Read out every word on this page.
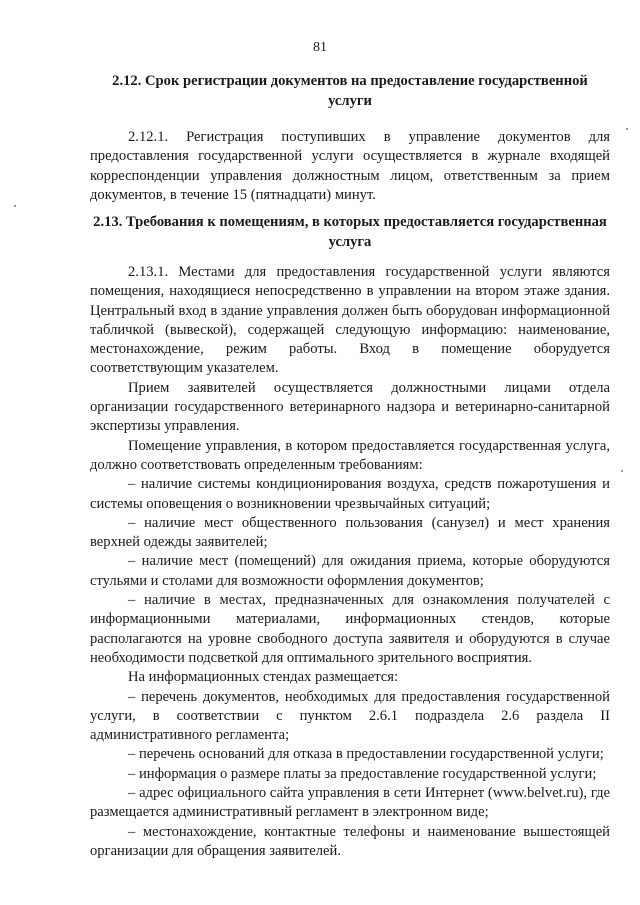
81
2.12. Срок регистрации документов на предоставление государственной услуги

2.12.1. Регистрация поступивших в управление документов для предоставления государственной услуги осуществляется в журнале входящей корреспонденции управления должностным лицом, ответственным за прием документов, в течение 15 (пятнадцати) минут.

2.13. Требования к помещениям, в которых предоставляется государственная услуга

2.13.1. Местами для предоставления государственной услуги являются помещения, находящиеся непосредственно в управлении на втором этаже здания. Центральный вход в здание управления должен быть оборудован информационной табличкой (вывеской), содержащей следующую информацию: наименование, местонахождение, режим работы. Вход в помещение оборудуется соответствующим указателем.

Прием заявителей осуществляется должностными лицами отдела организации государственного ветеринарного надзора и ветеринарно-санитарной экспертизы управления.

Помещение управления, в котором предоставляется государственная услуга, должно соответствовать определенным требованиям:

– наличие системы кондиционирования воздуха, средств пожаротушения и системы оповещения о возникновении чрезвычайных ситуаций;

– наличие мест общественного пользования (санузел) и мест хранения верхней одежды заявителей;

– наличие мест (помещений) для ожидания приема, которые оборудуются стульями и столами для возможности оформления документов;

– наличие в местах, предназначенных для ознакомления получателей с информационными материалами, информационных стендов, которые располагаются на уровне свободного доступа заявителя и оборудуются в случае необходимости подсветкой для оптимального зрительного восприятия.

На информационных стендах размещается:

– перечень документов, необходимых для предоставления государственной услуги, в соответствии с пунктом 2.6.1 подраздела 2.6 раздела II административного регламента;

– перечень оснований для отказа в предоставлении государственной услуги;

– информация о размере платы за предоставление государственной услуги;

– адрес официального сайта управления в сети Интернет (www.belvet.ru), где размещается административный регламент в электронном виде;

– местонахождение, контактные телефоны и наименование вышестоящей организации для обращения заявителей.
